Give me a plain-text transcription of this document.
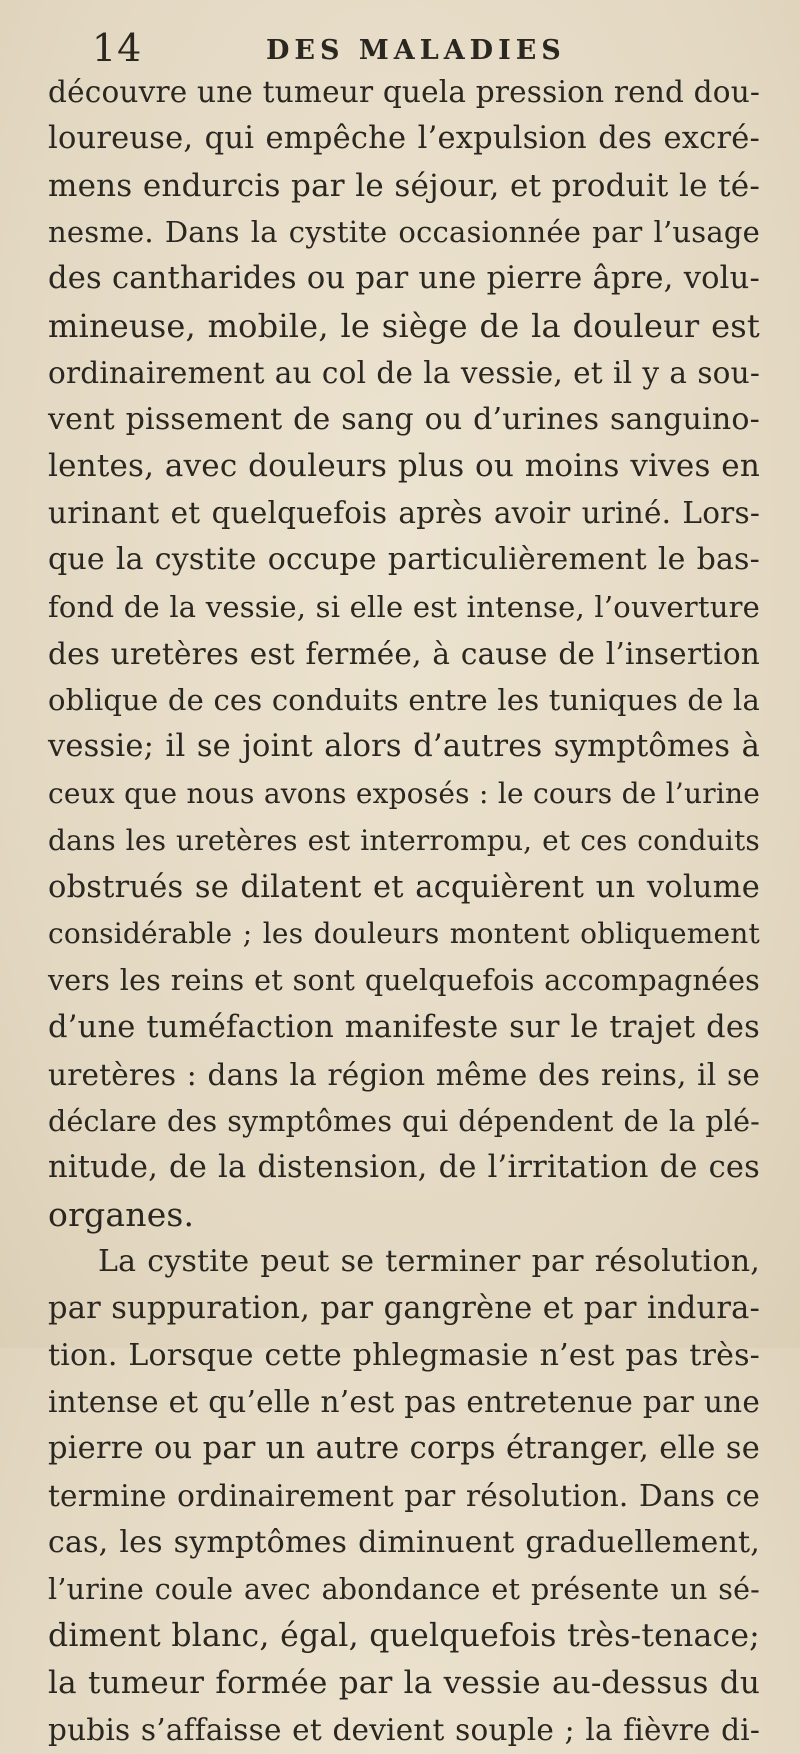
14	DES MALADIES
découvre une tumeur quela pression rend dou-
loureuse, qui empêche l’expulsion des excré-
mens endurcis par le séjour, et produit le té-
nesme. Dans la cystite occasionnée par l’usage
des cantharides ou par une pierre âpre, volu-
mineuse, mobile, le siège de la douleur est
ordinairement au col de la vessie, et il y a sou-
vent pissement de sang ou d’urines sanguino-
lentes, avec douleurs plus ou moins vives en
urinant et quelquefois après avoir uriné. Lors-
que la cystite occupe particulièrement le bas-
fond de la vessie, si elle est intense, l’ouverture
des uretères est fermée, à cause de l’insertion
oblique de ces conduits entre les tuniques de la
vessie; il se joint alors d’autres symptômes à
ceux que nous avons exposés : le cours de l’urine
dans les uretères est interrompu, et ces conduits
obstrués se dilatent et acquièrent un volume
considérable ; les douleurs montent obliquement
vers les reins et sont quelquefois accompagnées
d’une tuméfaction manifeste sur le trajet des
uretères : dans la région même des reins, il se
déclare des symptômes qui dépendent de la plé-
nitude, de la distension, de l’irritation de ces
organes.
La cystite peut se terminer par résolution,
par suppuration, par gangrène et par indura-
tion. Lorsque cette phlegmasie n’est pas très-
intense et qu’elle n’est pas entretenue par une
pierre ou par un autre corps étranger, elle se
termine ordinairement par résolution. Dans ce
cas, les symptômes diminuent graduellement,
l’urine coule avec abondance et présente un sé-
diment blanc, égal, quelquefois très-tenace;
la tumeur formée par la vessie au-dessus du
pubis s’affaisse et devient souple ; la fièvre di-
